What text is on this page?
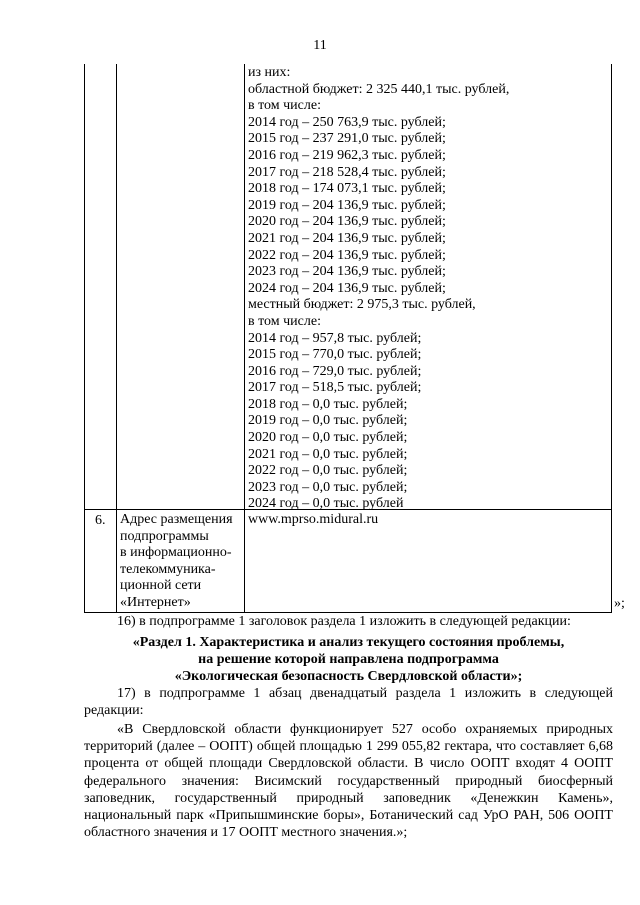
11
из них:
областной бюджет: 2 325 440,1 тыс. рублей,
в том числе:
2014 год – 250 763,9 тыс. рублей;
2015 год – 237 291,0 тыс. рублей;
2016 год – 219 962,3 тыс. рублей;
2017 год – 218 528,4 тыс. рублей;
2018 год – 174 073,1 тыс. рублей;
2019 год – 204 136,9 тыс. рублей;
2020 год – 204 136,9 тыс. рублей;
2021 год – 204 136,9 тыс. рублей;
2022 год – 204 136,9 тыс. рублей;
2023 год – 204 136,9 тыс. рублей;
2024 год – 204 136,9 тыс. рублей;
местный бюджет: 2 975,3 тыс. рублей,
в том числе:
2014 год – 957,8 тыс. рублей;
2015 год – 770,0 тыс. рублей;
2016 год – 729,0 тыс. рублей;
2017 год – 518,5 тыс. рублей;
2018 год – 0,0 тыс. рублей;
2019 год – 0,0 тыс. рублей;
2020 год – 0,0 тыс. рублей;
2021 год – 0,0 тыс. рублей;
2022 год – 0,0 тыс. рублей;
2023 год – 0,0 тыс. рублей;
2024 год – 0,0 тыс. рублей
6. Адрес размещения
подпрограммы
в информационно-
телекоммуника-
ционной сети
«Интернет»
www.mprso.midural.ru
»;
16) в подпрограмме 1 заголовок раздела 1 изложить в следующей редакции:
«Раздел 1. Характеристика и анализ текущего состояния проблемы,
на решение которой направлена подпрограмма
«Экологическая безопасность Свердловской области»;
17) в подпрограмме 1 абзац двенадцатый раздела 1 изложить в следующей редакции:
«В Свердловской области функционирует 527 особо охраняемых природных территорий (далее – ООПТ) общей площадью 1 299 055,82 гектара, что составляет 6,68 процента от общей площади Свердловской области. В число ООПТ входят 4 ООПТ федерального значения: Висимский государственный природный биосферный заповедник, государственный природный заповедник «Денежкин Камень», национальный парк «Припышминские боры», Ботанический сад УрО РАН, 506 ООПТ областного значения и 17 ООПТ местного значения.»;
